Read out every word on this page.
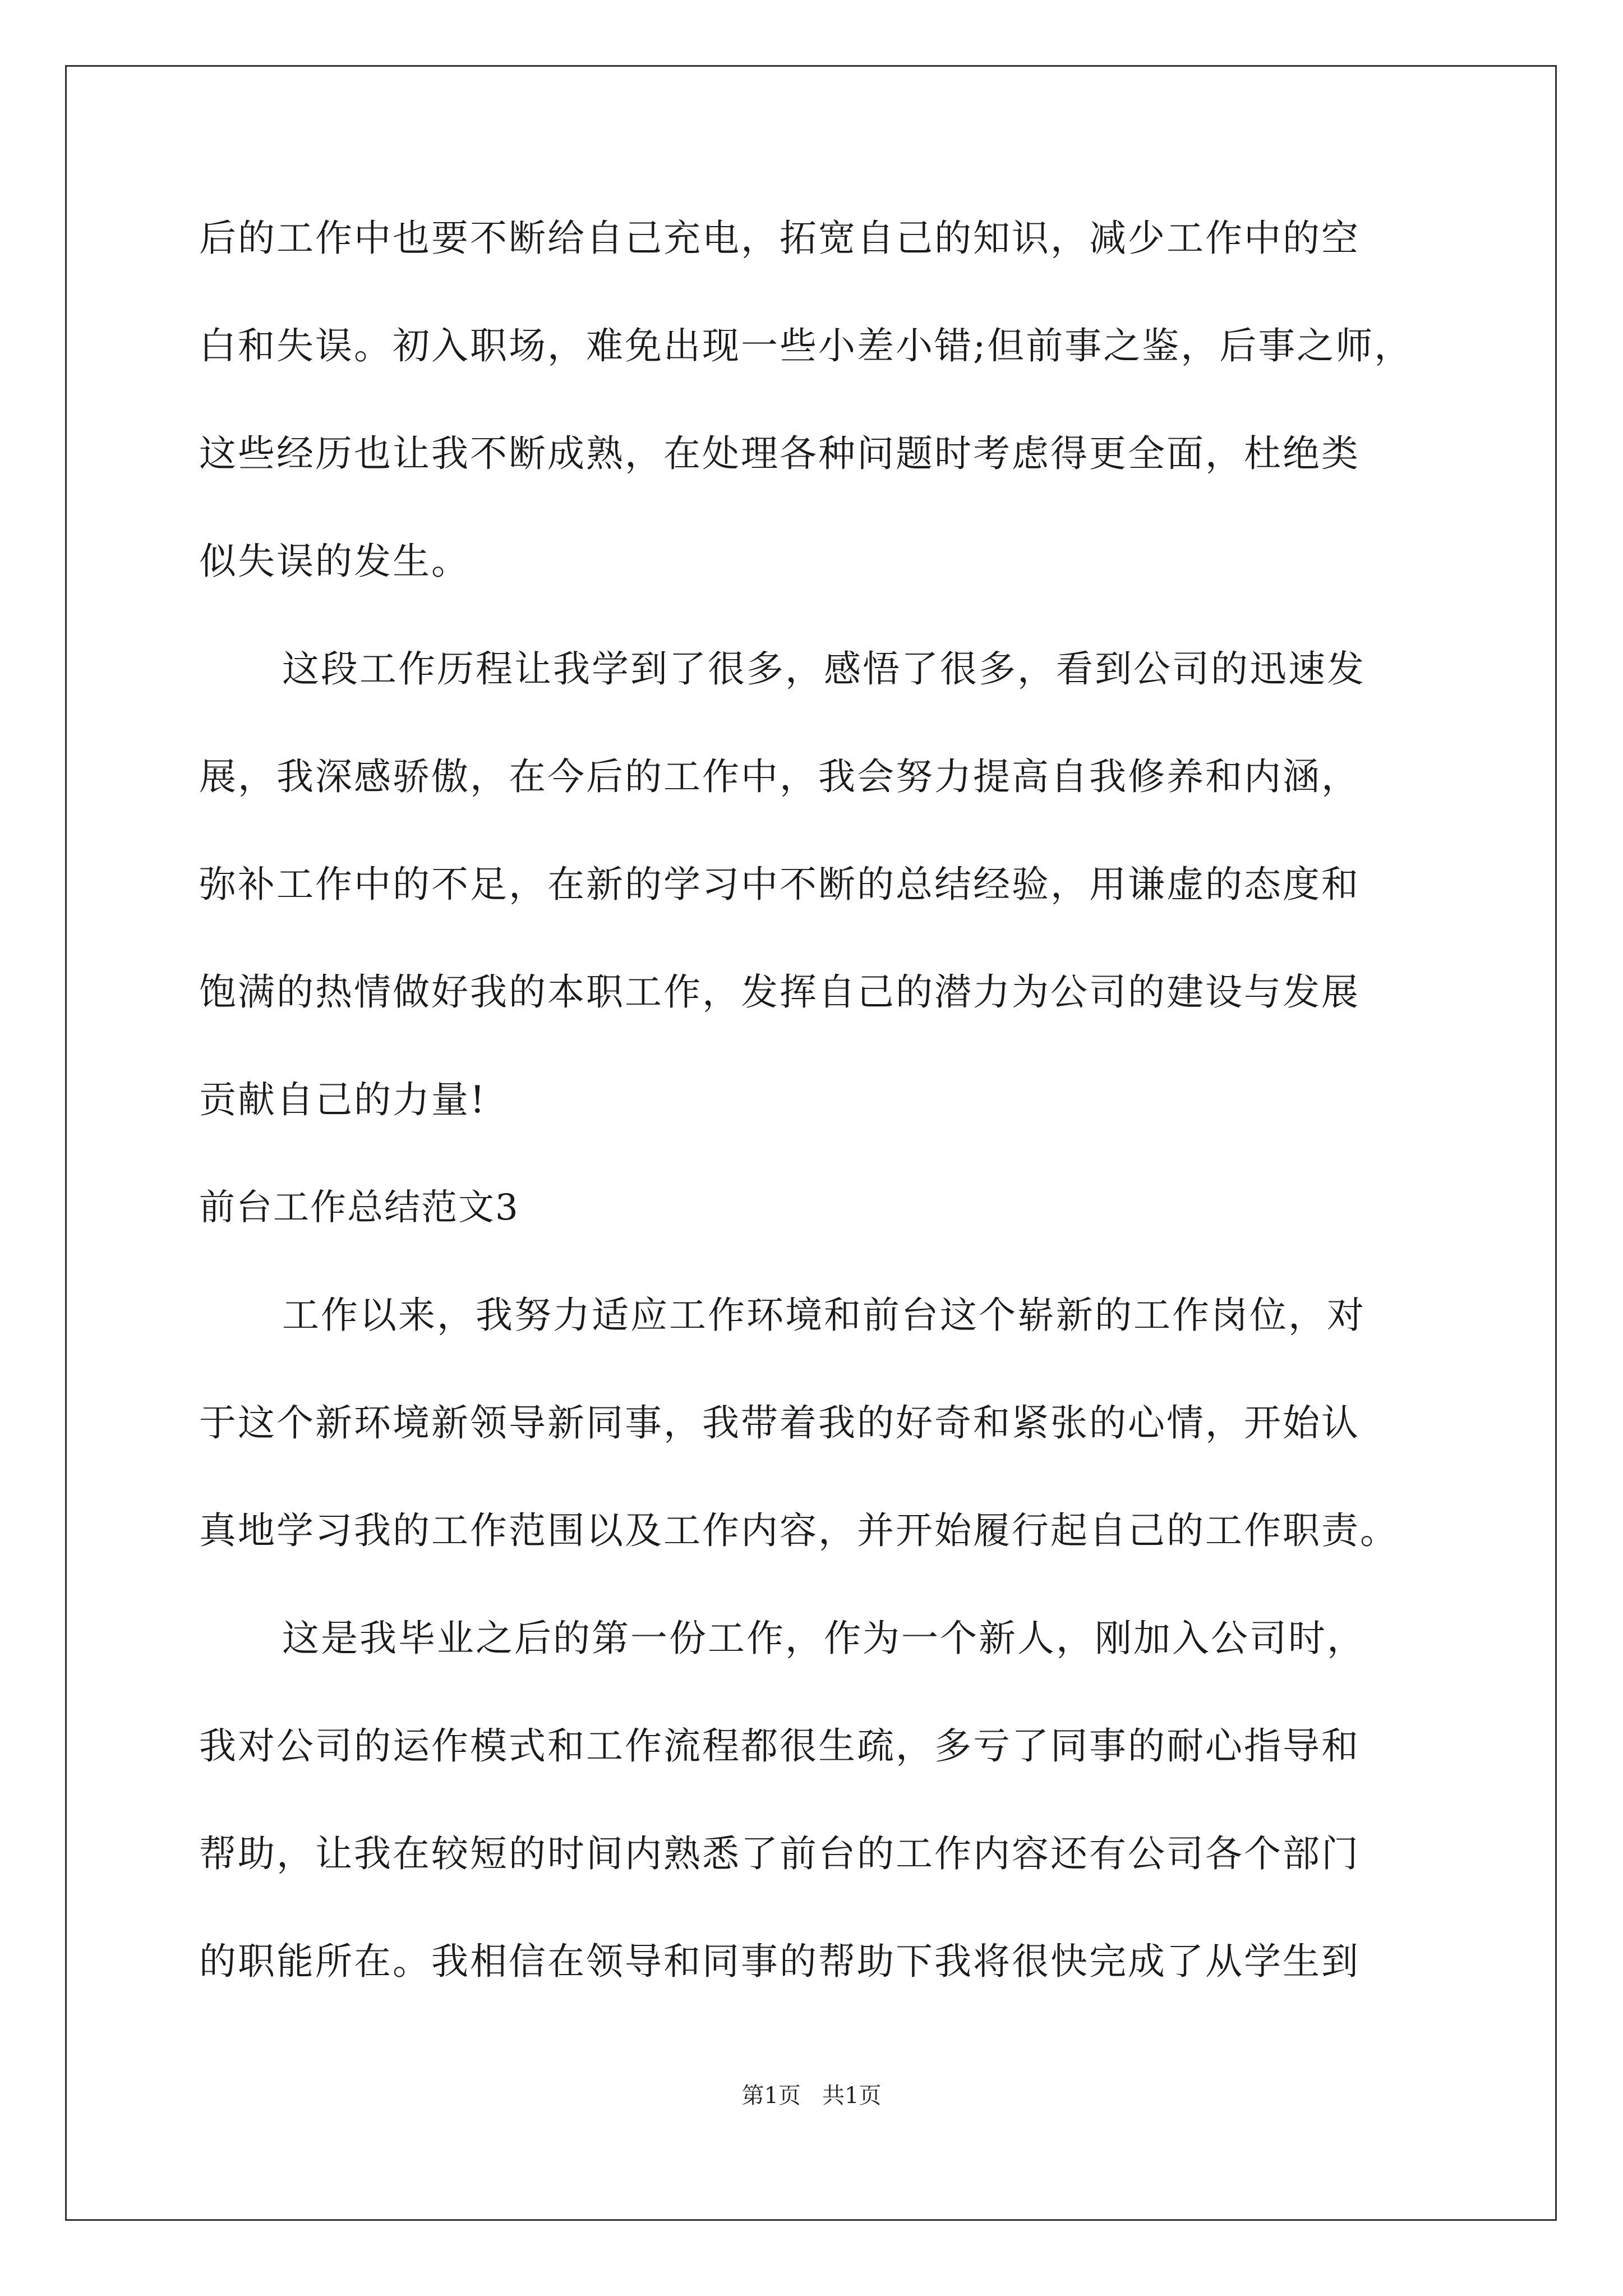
后的工作中也要不断给自己充电，拓宽自己的知识，减少工作中的空
白和失误。初入职场，难免出现一些小差小错;但前事之鉴，后事之师，
这些经历也让我不断成熟，在处理各种问题时考虑得更全面，杜绝类
似失误的发生。
这段工作历程让我学到了很多，感悟了很多，看到公司的迅速发
展，我深感骄傲，在今后的工作中，我会努力提高自我修养和内涵，
弥补工作中的不足，在新的学习中不断的总结经验，用谦虚的态度和
饱满的热情做好我的本职工作，发挥自己的潜力为公司的建设与发展
贡献自己的力量!
前台工作总结范文3
工作以来，我努力适应工作环境和前台这个崭新的工作岗位，对
于这个新环境新领导新同事，我带着我的好奇和紧张的心情，开始认
真地学习我的工作范围以及工作内容，并开始履行起自己的工作职责。
这是我毕业之后的第一份工作，作为一个新人，刚加入公司时，
我对公司的运作模式和工作流程都很生疏，多亏了同事的耐心指导和
帮助，让我在较短的时间内熟悉了前台的工作内容还有公司各个部门
的职能所在。我相信在领导和同事的帮助下我将很快完成了从学生到
第1页   共1页
